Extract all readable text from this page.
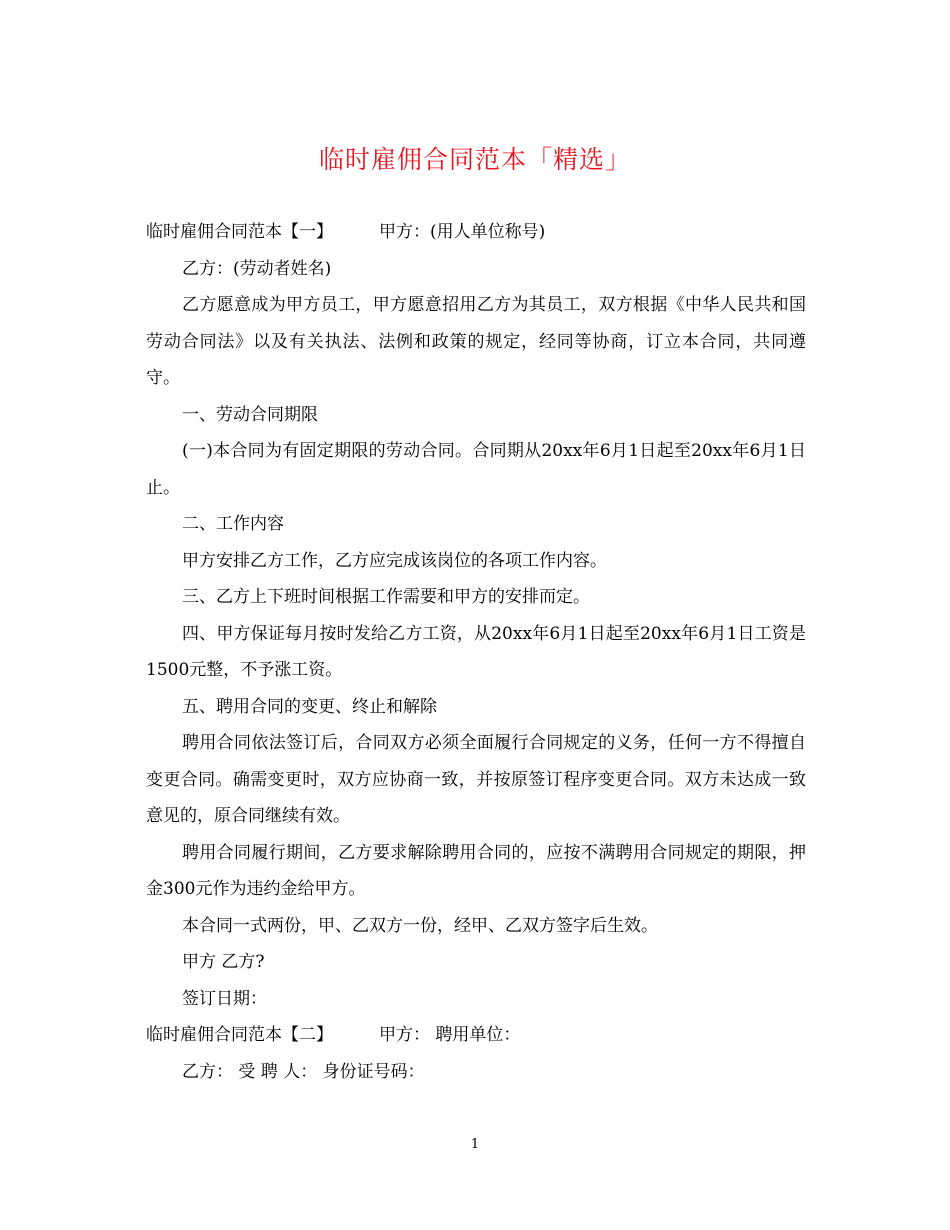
临时雇佣合同范本「精选」

临时雇佣合同范本【一】	甲方：(用人单位称号)

乙方：(劳动者姓名)

乙方愿意成为甲方员工，甲方愿意招用乙方为其员工，双方根据《中华人民共和国劳动合同法》以及有关执法、法例和政策的规定，经同等协商，订立本合同，共同遵守。

一、劳动合同期限

(一)本合同为有固定期限的劳动合同。合同期从20xx年6月1日起至20xx年6月1日止。

二、工作内容

甲方安排乙方工作，乙方应完成该岗位的各项工作内容。

三、乙方上下班时间根据工作需要和甲方的安排而定。

四、甲方保证每月按时发给乙方工资，从20xx年6月1日起至20xx年6月1日工资是1500元整，不予涨工资。

五、聘用合同的变更、终止和解除

聘用合同依法签订后，合同双方必须全面履行合同规定的义务，任何一方不得擅自变更合同。确需变更时，双方应协商一致，并按原签订程序变更合同。双方未达成一致意见的，原合同继续有效。

聘用合同履行期间，乙方要求解除聘用合同的，应按不满聘用合同规定的期限，押金300元作为违约金给甲方。

本合同一式两份，甲、乙双方一份，经甲、乙双方签字后生效。

甲方 乙方?

签订日期：

临时雇佣合同范本【二】	甲方： 聘用单位：

乙方： 受 聘 人： 身份证号码：

1
